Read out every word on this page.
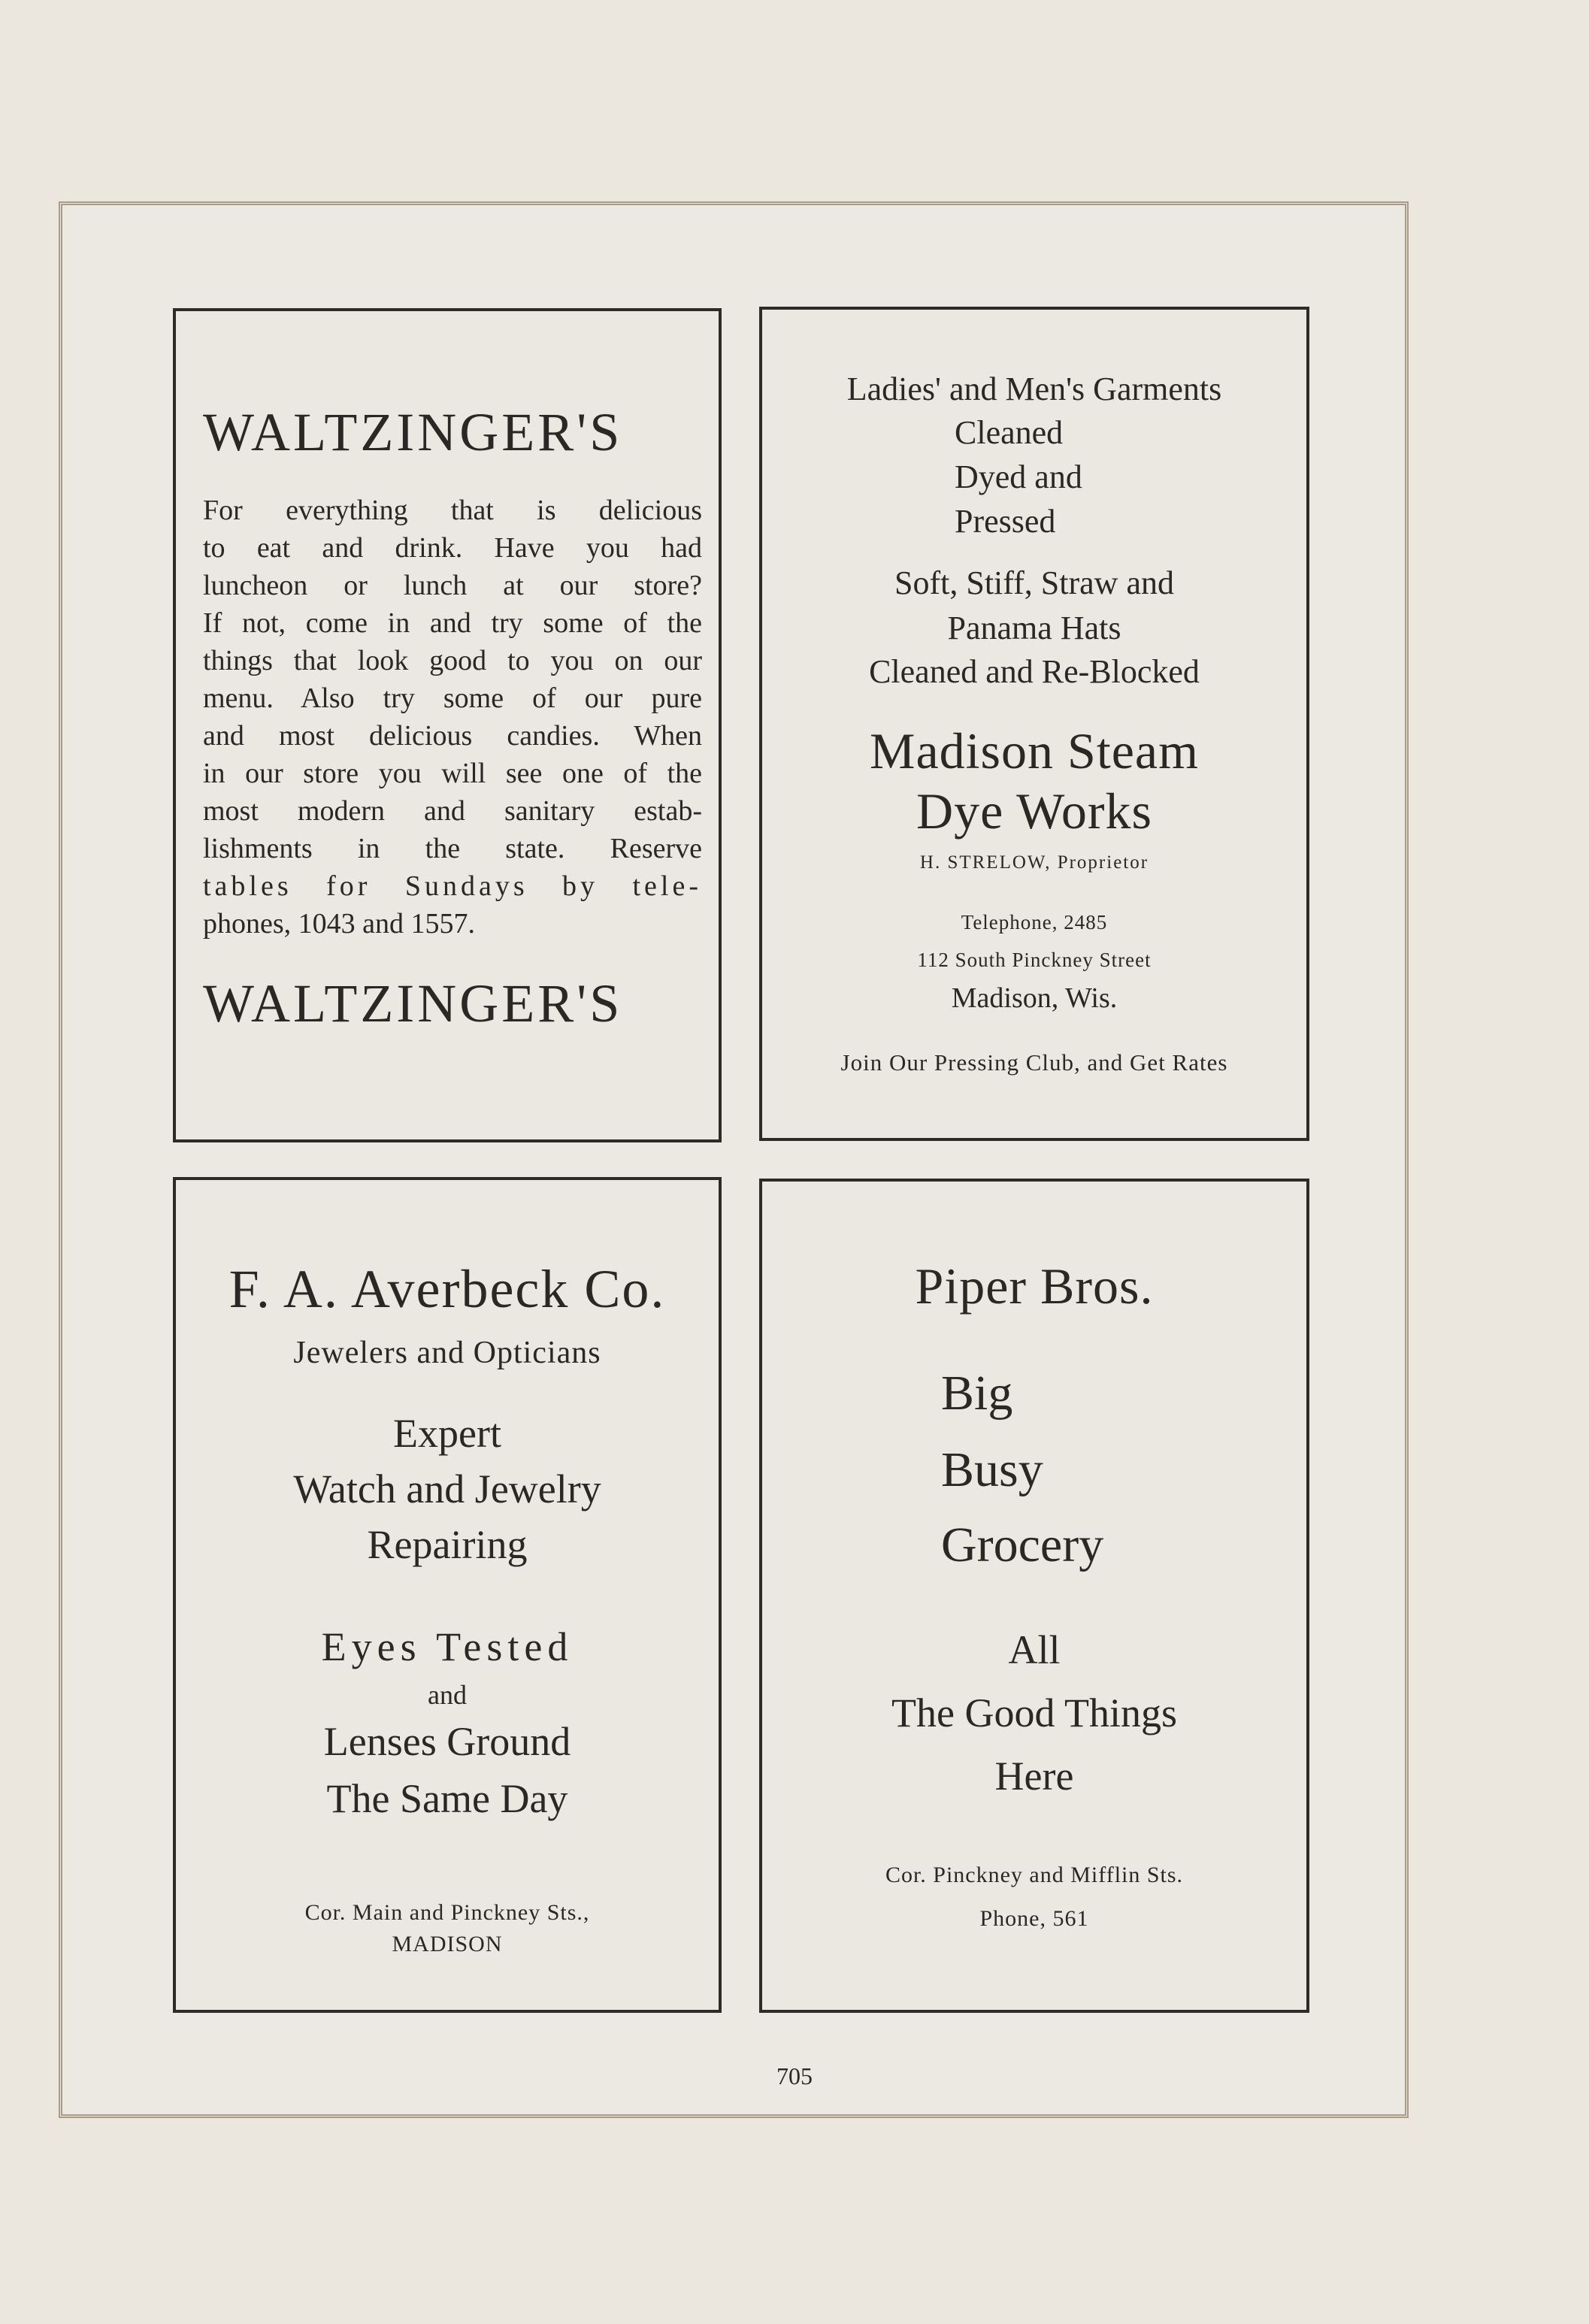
WALTZINGER'S
For everything that is delicious
to eat and drink. Have you had
luncheon or lunch at our store?
If not, come in and try some of the
things that look good to you on our
menu. Also try some of our pure
and most delicious candies. When
in our store you will see one of the
most modern and sanitary estab-
lishments in the state. Reserve
tables for Sundays by tele-
phones, 1043 and 1557.
WALTZINGER'S
Ladies' and Men's Garments
Cleaned
Dyed and
Pressed
Soft, Stiff, Straw and
Panama Hats
Cleaned and Re-Blocked
Madison Steam
Dye Works
H. STRELOW, Proprietor
Telephone, 2485
112 South Pinckney Street
Madison, Wis.
Join Our Pressing Club, and Get Rates
F. A. Averbeck Co.
Jewelers and Opticians
Expert
Watch and Jewelry
Repairing
Eyes Tested
and
Lenses Ground
The Same Day
Cor. Main and Pinckney Sts.,
MADISON
Piper Bros.
Big
Busy
Grocery
All
The Good Things
Here
Cor. Pinckney and Mifflin Sts.
Phone, 561
705
